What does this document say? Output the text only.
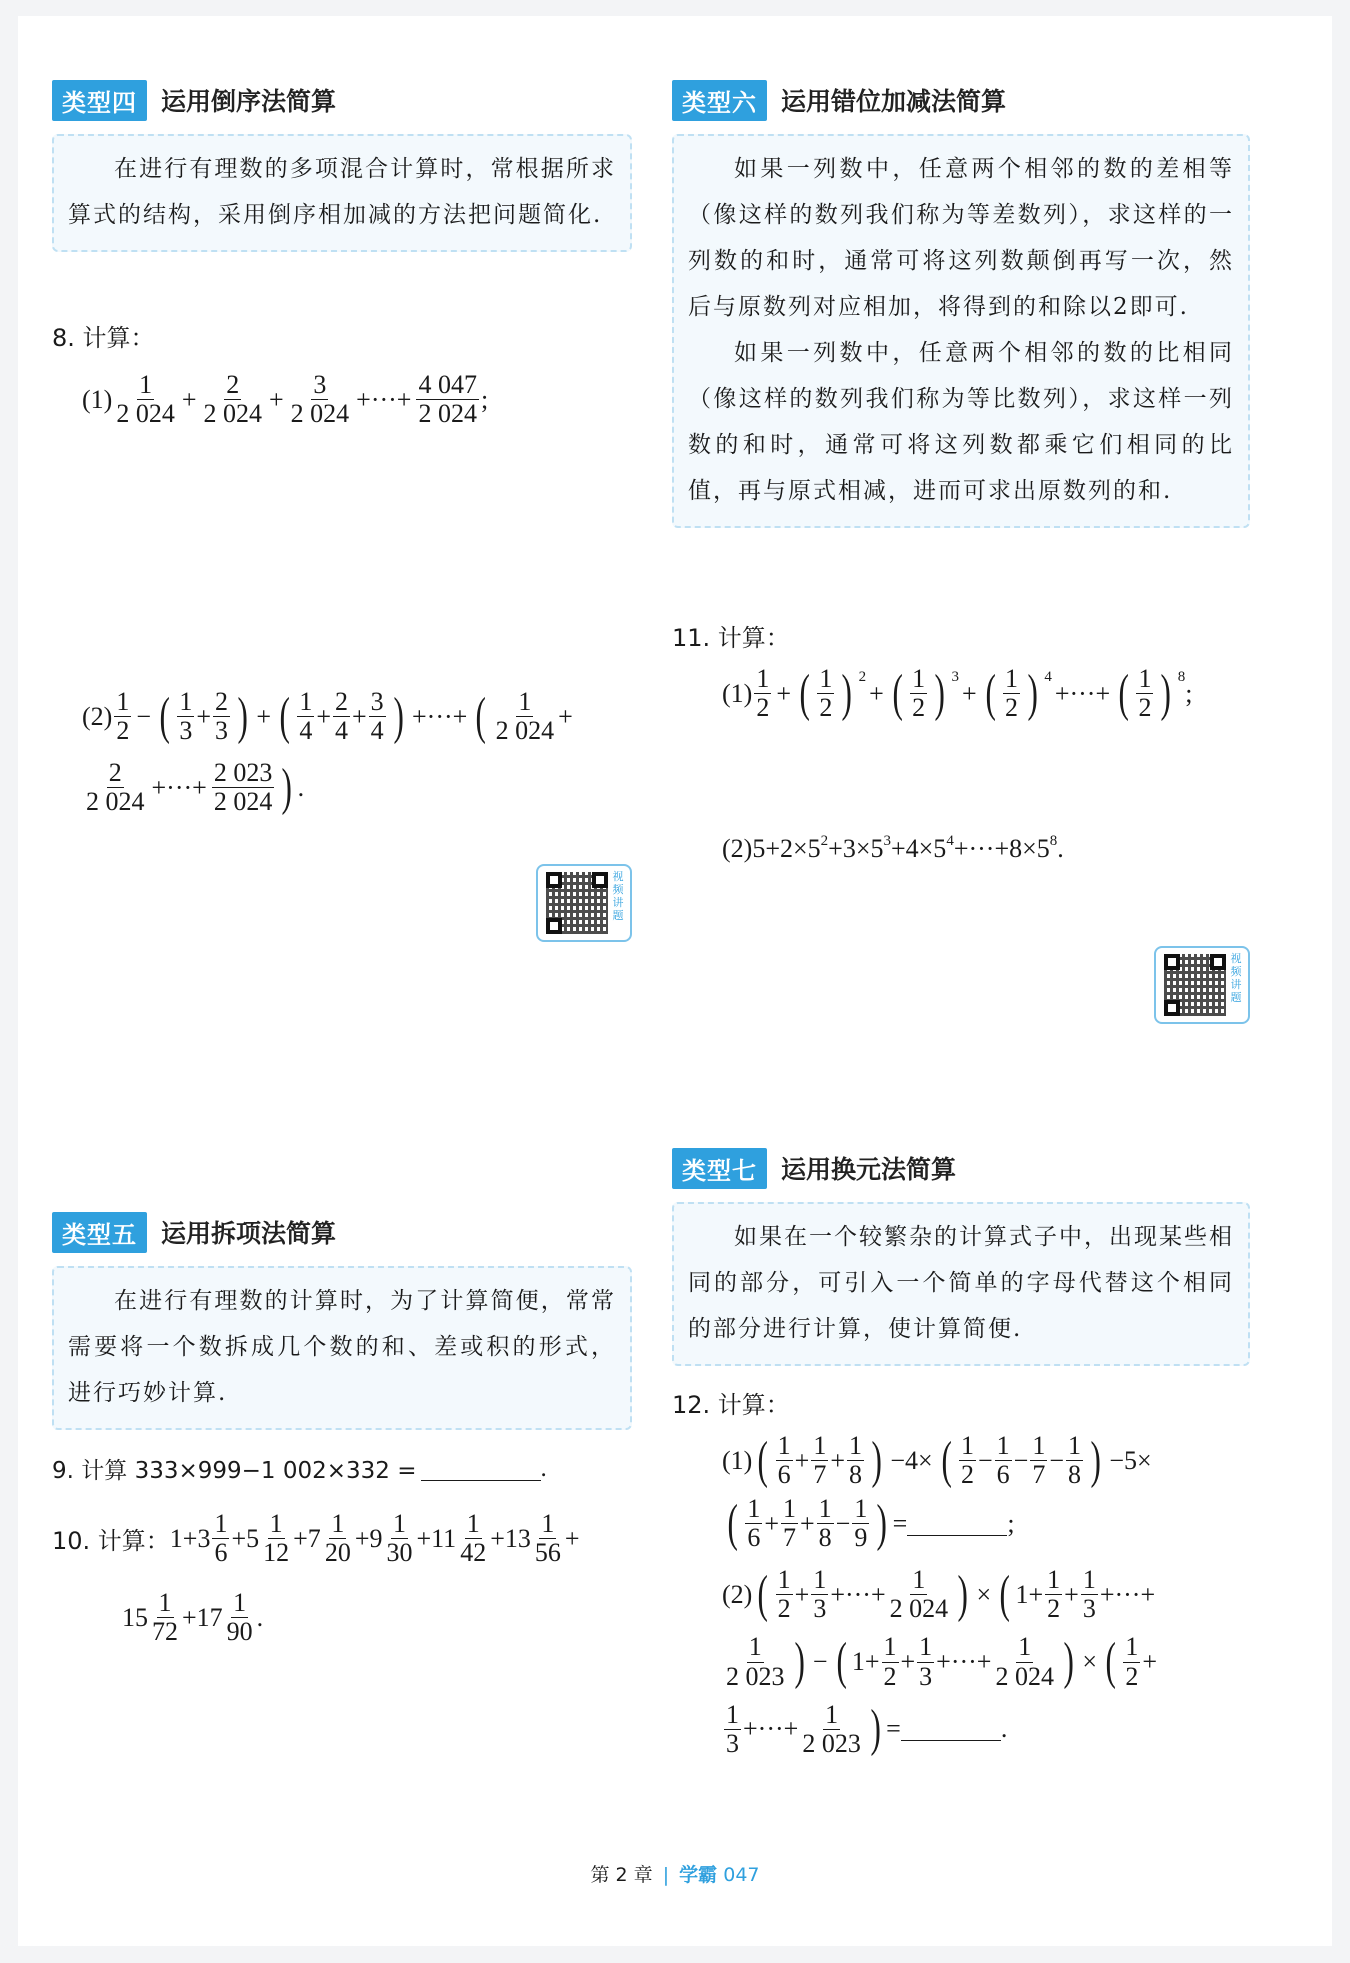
类型四 运用倒序法简算

在进行有理数的多项混合计算时，常根据所求算式的结构，采用倒序相加减的方法把问题简化.

8. 计算：
$(1) \frac{1}{2 024} + \frac{2}{2 024} + \frac{3}{2 024}$ +···+ $\frac{4 047}{2 024}$ ;
$(2) \frac{1}{2}$ − ( $\frac{1}{3} + \frac{2}{3}$ ) + ( $\frac{1}{4} + \frac{2}{4} + \frac{3}{4}$ ) +···+ ( $\frac{1}{2 024}$ +

$\frac{2}{2 024}$ +···+ $\frac{2 023}{2 024}$ ) .
视频讲题
类型五 运用拆项法简算

在进行有理数的计算时，为了计算简便，常常需要将一个数拆成几个数的和、差或积的形式，进行巧妙计算.

9. 计算 333×999−1 002×332 =	.
10. 计算： $1+3 \frac{1}{6} +5 \frac{1}{12} +7 \frac{1}{20} +9 \frac{1}{30} +11 \frac{1}{42} +13 \frac{1}{56}$ +

$15 \frac{1}{72} +17 \frac{1}{90}$ .
类型六 运用错位加减法简算

如果一列数中，任意两个相邻的数的差相等（像这样的数列我们称为等差数列），求这样的一列数的和时，通常可将这列数颠倒再写一次，然后与原数列对应相加，将得到的和除以2即可.

如果一列数中，任意两个相邻的数的比相同（像这样的数列我们称为等比数列），求这样一列数的和时，通常可将这列数都乘它们相同的比值，再与原式相减，进而可求出原数列的和.

11. 计算：
$(1) \frac{1}{2}$ + ( $\frac{1}{2}$ ) 2
+ ( $\frac{1}{2}$ ) 3
+ ( $\frac{1}{2}$ ) 4
+···+ ( $\frac{1}{2}$ ) 8
;

$(2)5+2\times 5^2+3\times 5^3+4\times 5^4+\cdot\cdot\cdot+8\times 5^8$.
视频讲题
类型七 运用换元法简算

如果在一个较繁杂的计算式子中，出现某些相同的部分，可引入一个简单的字母代替这个相同的部分进行计算，使计算简便.

12. 计算：
(1) ( $\frac{1}{6} + \frac{1}{7} + \frac{1}{8}$ ) −4× ( $\frac{1}{2} - \frac{1}{6} - \frac{1}{7} - \frac{1}{8}$ ) −5×

( $\frac{1}{6} + \frac{1}{7} + \frac{1}{8} - \frac{1}{9}$ ) =	;

(2) ( $\frac{1}{2} + \frac{1}{3}$ +···+ $\frac{1}{2 024}$ ) × ( $1+ \frac{1}{2} + \frac{1}{3}$ +···+

$\frac{1}{2 023}$ ) − ( $1+ \frac{1}{2} + \frac{1}{3}$ +···+ $\frac{1}{2 024}$ ) × ( $\frac{1}{2}$ +

$\frac{1}{3}$ +···+ $\frac{1}{2 023}$ ) =	.
第 2 章 | 学霸 047
